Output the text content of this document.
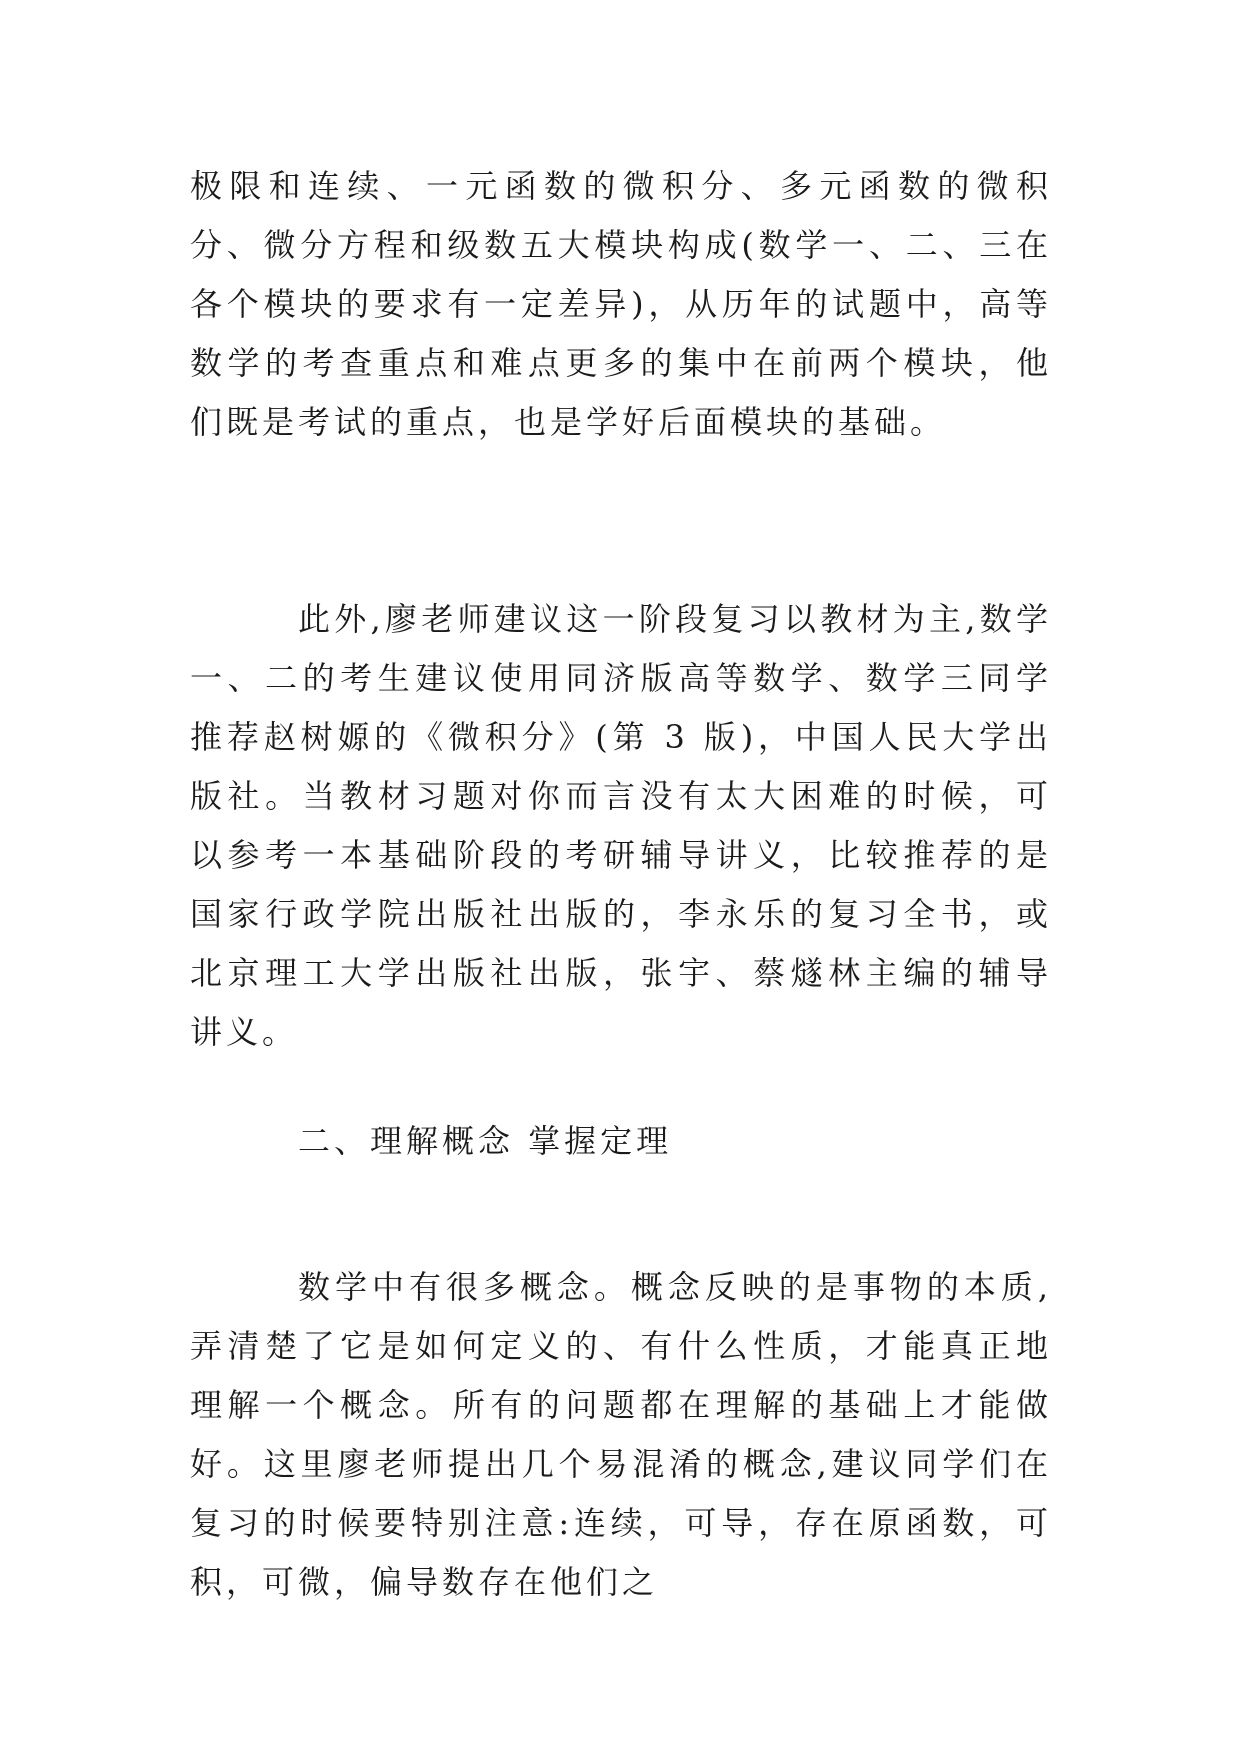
极限和连续、一元函数的微积分、多元函数的微积分、微分方程和级数五大模块构成(数学一、二、三在各个模块的要求有一定差异)，从历年的试题中，高等数学的考查重点和难点更多的集中在前两个模块，他们既是考试的重点，也是学好后面模块的基础。

此外,廖老师建议这一阶段复习以教材为主,数学一、二的考生建议使用同济版高等数学、数学三同学推荐赵树嫄的《微积分》(第 3 版)，中国人民大学出版社。当教材习题对你而言没有太大困难的时候，可以参考一本基础阶段的考研辅导讲义，比较推荐的是国家行政学院出版社出版的，李永乐的复习全书，或北京理工大学出版社出版，张宇、蔡燧林主编的辅导讲义。

二、理解概念 掌握定理

数学中有很多概念。概念反映的是事物的本质,弄清楚了它是如何定义的、有什么性质，才能真正地理解一个概念。所有的问题都在理解的基础上才能做好。这里廖老师提出几个易混淆的概念,建议同学们在复习的时候要特别注意:连续，可导，存在原函数，可积，可微，偏导数存在他们之
